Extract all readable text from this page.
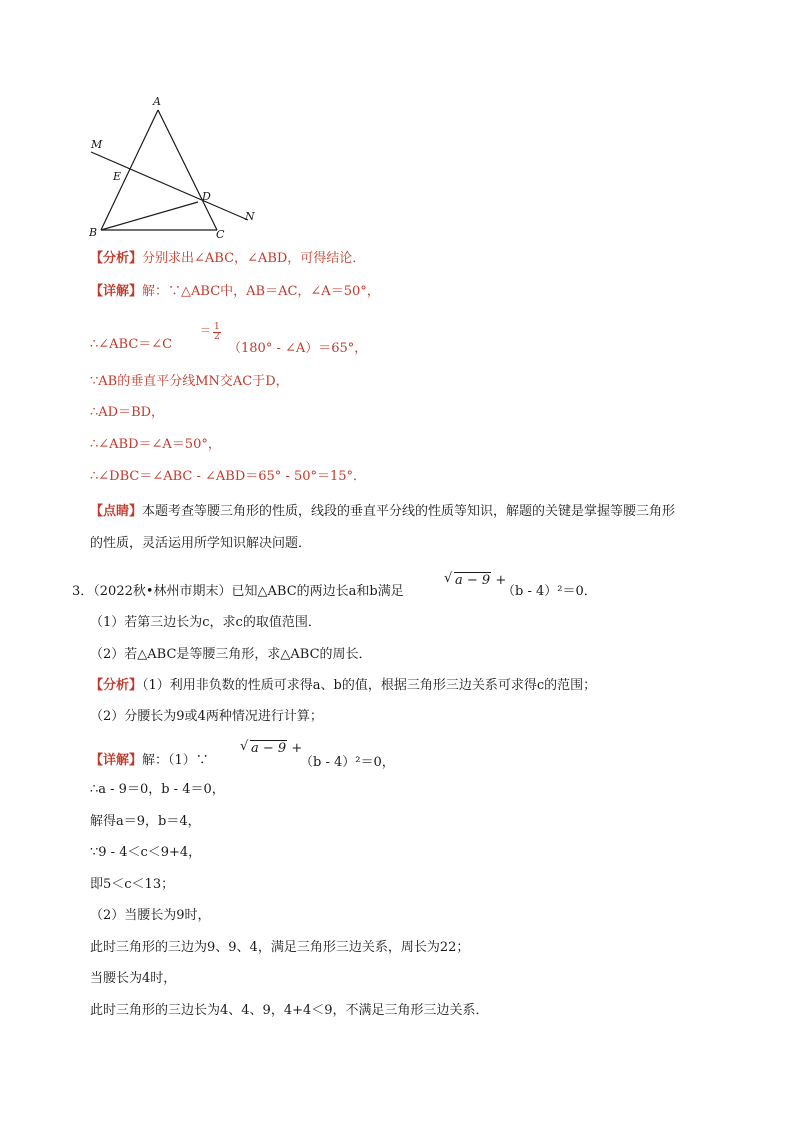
A
M
E
D
N
B	C
【分析】分别求出∠ABC，∠ABD，可得结论．
【详解】解：∵△ABC中，AB＝AC，∠A＝50°，
∴∠ABC＝∠C
＝ $\frac{1}{2}$
（180° - ∠A）＝65°，
∵AB的垂直平分线MN交AC于D，
∴AD＝BD，
∴∠ABD＝∠A＝50°，
∴∠DBC＝∠ABC - ∠ABD＝65° - 50°＝15°．
【点睛】本题考查等腰三角形的性质，线段的垂直平分线的性质等知识，解题的关键是掌握等腰三角形
的性质，灵活运用所学知识解决问题．
3．（2022秋•林州市期末）已知△ABC的两边长a和b满足
√ a − 9 +
（b - 4）²＝0．
（1）若第三边长为c，求c的取值范围．
（2）若△ABC是等腰三角形，求△ABC的周长．
【分析】（1）利用非负数的性质可求得a、b的值，根据三角形三边关系可求得c的范围；
（2）分腰长为9或4两种情况进行计算；
【详解】解：（1）∵
√ a − 9 +
（b - 4）²＝0，
∴a - 9＝0，b - 4＝0，
解得a＝9，b＝4，
∵9 - 4＜c＜9+4，
即5＜c＜13；
（2）当腰长为9时，
此时三角形的三边为9、9、4，满足三角形三边关系，周长为22；
当腰长为4时，
此时三角形的三边长为4、4、9，4+4＜9，不满足三角形三边关系．
